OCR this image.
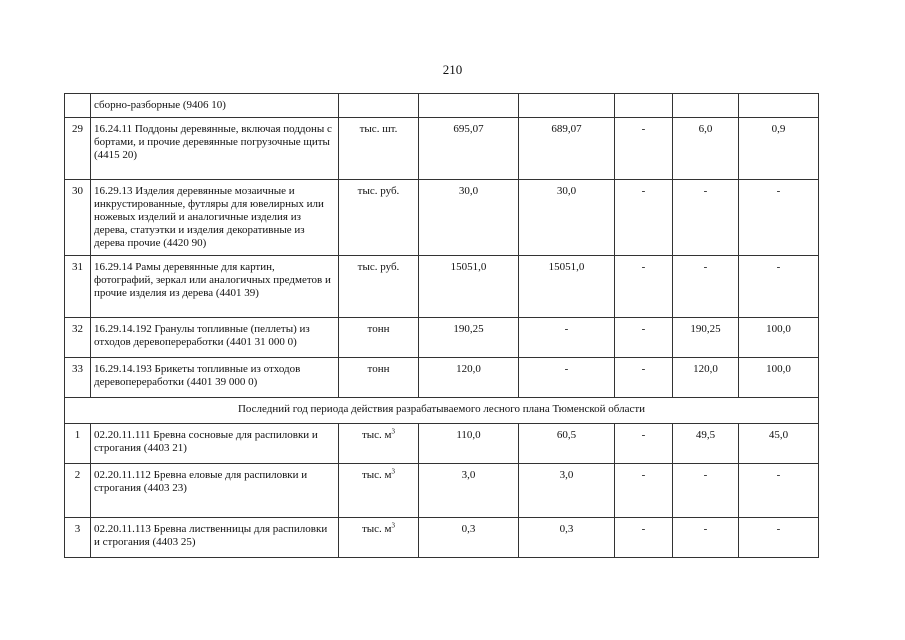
210
	сборно-разборные (9406 10)						
29	16.24.11 Поддоны деревянные, включая поддоны с бортами, и прочие деревянные погрузочные щиты (4415 20)	тыс. шт.	695,07	689,07	-	6,0	0,9
30	16.29.13 Изделия деревянные мозаичные и инкрустированные, футляры для ювелирных или ножевых изделий и аналогичные изделия из дерева, статуэтки и изделия декоративные из дерева прочие (4420 90)	тыс. руб.	30,0	30,0	-	-	-
31	16.29.14 Рамы деревянные для картин, фотографий, зеркал или аналогичных предметов и прочие изделия из дерева (4401 39)	тыс. руб.	15051,0	15051,0	-	-	-
32	16.29.14.192 Гранулы топливные (пеллеты) из отходов деревопереработки (4401 31 000 0)	тонн	190,25	-	-	190,25	100,0
33	16.29.14.193 Брикеты топливные из отходов деревопереработки (4401 39 000 0)	тонн	120,0	-	-	120,0	100,0
Последний год периода действия разрабатываемого лесного плана Тюменской области							
1	02.20.11.111 Бревна сосновые для распиловки и строгания (4403 21)	тыс. $м^3$	110,0	60,5	-	49,5	45,0
2	02.20.11.112 Бревна еловые для распиловки и строгания (4403 23)	тыс. $м^3$	3,0	3,0	-	-	-
3	02.20.11.113 Бревна лиственницы для распиловки и строгания (4403 25)	тыс. $м^3$	0,3	0,3	-	-	-
